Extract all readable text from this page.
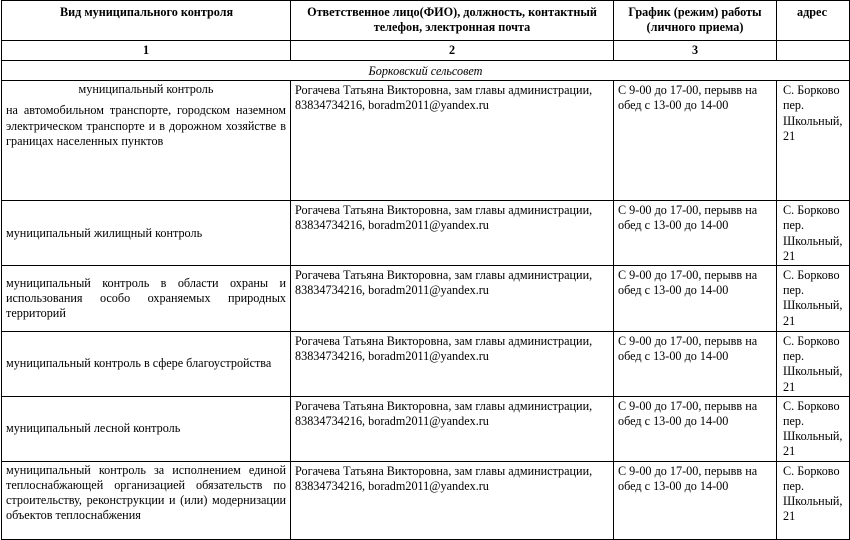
Вид муниципального контроля	Ответственное лицо(ФИО), должность, контактный телефон, электронная почта	График (режим) работы (личного приема)	адрес
1	2	3	
Борковский сельсовет			

муниципальный контроль
на автомобильном транспорте, городском наземном электрическом транспорте и в дорожном хозяйстве в границах населенных пунктов	Рогачева Татьяна Викторовна, зам главы администрации, 83834734216, boradm2011@yandex.ru	С 9-00 до 17-00, перывв на обед с 13-00 до 14-00	С. Борково пер. Школьный, 21
муниципальный жилищный контроль	Рогачева Татьяна Викторовна, зам главы администрации, 83834734216, boradm2011@yandex.ru	С 9-00 до 17-00, перывв на обед с 13-00 до 14-00	С. Борково пер. Школьный, 21
муниципальный контроль в области охраны и использования особо охраняемых природных территорий	Рогачева Татьяна Викторовна, зам главы администрации, 83834734216, boradm2011@yandex.ru	С 9-00 до 17-00, перывв на обед с 13-00 до 14-00	С. Борково пер. Школьный, 21
муниципальный контроль в сфере благоустройства	Рогачева Татьяна Викторовна, зам главы администрации, 83834734216, boradm2011@yandex.ru	С 9-00 до 17-00, перывв на обед с 13-00 до 14-00	С. Борково пер. Школьный, 21
муниципальный лесной контроль	Рогачева Татьяна Викторовна, зам главы администрации, 83834734216, boradm2011@yandex.ru	С 9-00 до 17-00, перывв на обед с 13-00 до 14-00	С. Борково пер. Школьный, 21
муниципальный контроль за исполнением единой теплоснабжающей организацией обязательств по строительству, реконструкции и (или) модернизации объектов теплоснабжения	Рогачева Татьяна Викторовна, зам главы администрации, 83834734216, boradm2011@yandex.ru	С 9-00 до 17-00, перывв на обед с 13-00 до 14-00	С. Борково пер. Школьный, 21
